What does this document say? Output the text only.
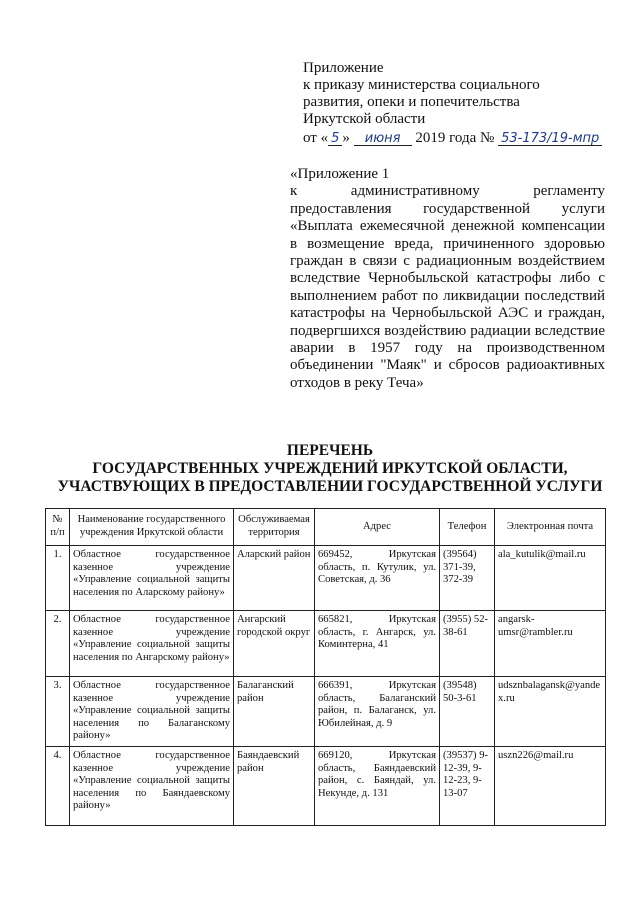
Приложение
к приказу министерства социального
развития, опеки и попечительства
Иркутской области
от « 5 » июня 2019 года № 53-173/19-мпр
«Приложение 1
к административному регламенту предоставления государственной услуги «Выплата ежемесячной денежной компенсации в возмещение вреда, причиненного здоровью граждан в связи с радиационным воздействием вследствие Чернобыльской катастрофы либо с выполнением работ по ликвидации последствий катастрофы на Чернобыльской АЭС и граждан, подвергшихся воздействию радиации вследствие аварии в 1957 году на производственном объединении "Маяк" и сбросов радиоактивных отходов в реку Теча»
ПЕРЕЧЕНЬ
ГОСУДАРСТВЕННЫХ УЧРЕЖДЕНИЙ ИРКУТСКОЙ ОБЛАСТИ,
УЧАСТВУЮЩИХ В ПРЕДОСТАВЛЕНИИ ГОСУДАРСТВЕННОЙ УСЛУГИ
№ п/п	Наименование государственного учреждения Иркутской области	Обслуживаемая территория	Адрес	Телефон	Электронная почта
1.	Областное государственное казенное учреждение «Управление социальной защиты населения по Аларскому району»	Аларский район	669452, Иркутская область, п. Кутулик, ул. Советская, д. 36	(39564) 371-39, 372-39	ala_kutulik@mail.ru
2.	Областное государственное казенное учреждение «Управление социальной защиты населения по Ангарскому району»	Ангарский городской округ	665821, Иркутская область, г. Ангарск, ул. Коминтерна, 41	(3955) 52-38-61	angarsk-umsr@rambler.ru
3.	Областное государственное казенное учреждение «Управление социальной защиты населения по Балаганскому району»	Балаганский район	666391, Иркутская область, Балаганский район, п. Балаганск, ул. Юбилейная, д. 9	(39548) 50-3-61	udsznbalagansk@yandex.ru
4.	Областное государственное казенное учреждение «Управление социальной защиты населения по Баяндаевскому району»	Баяндаевский район	669120, Иркутская область, Баяндаевский район, с. Баяндай, ул. Некунде, д. 131	(39537) 9-12-39, 9-12-23, 9-13-07	uszn226@mail.ru
